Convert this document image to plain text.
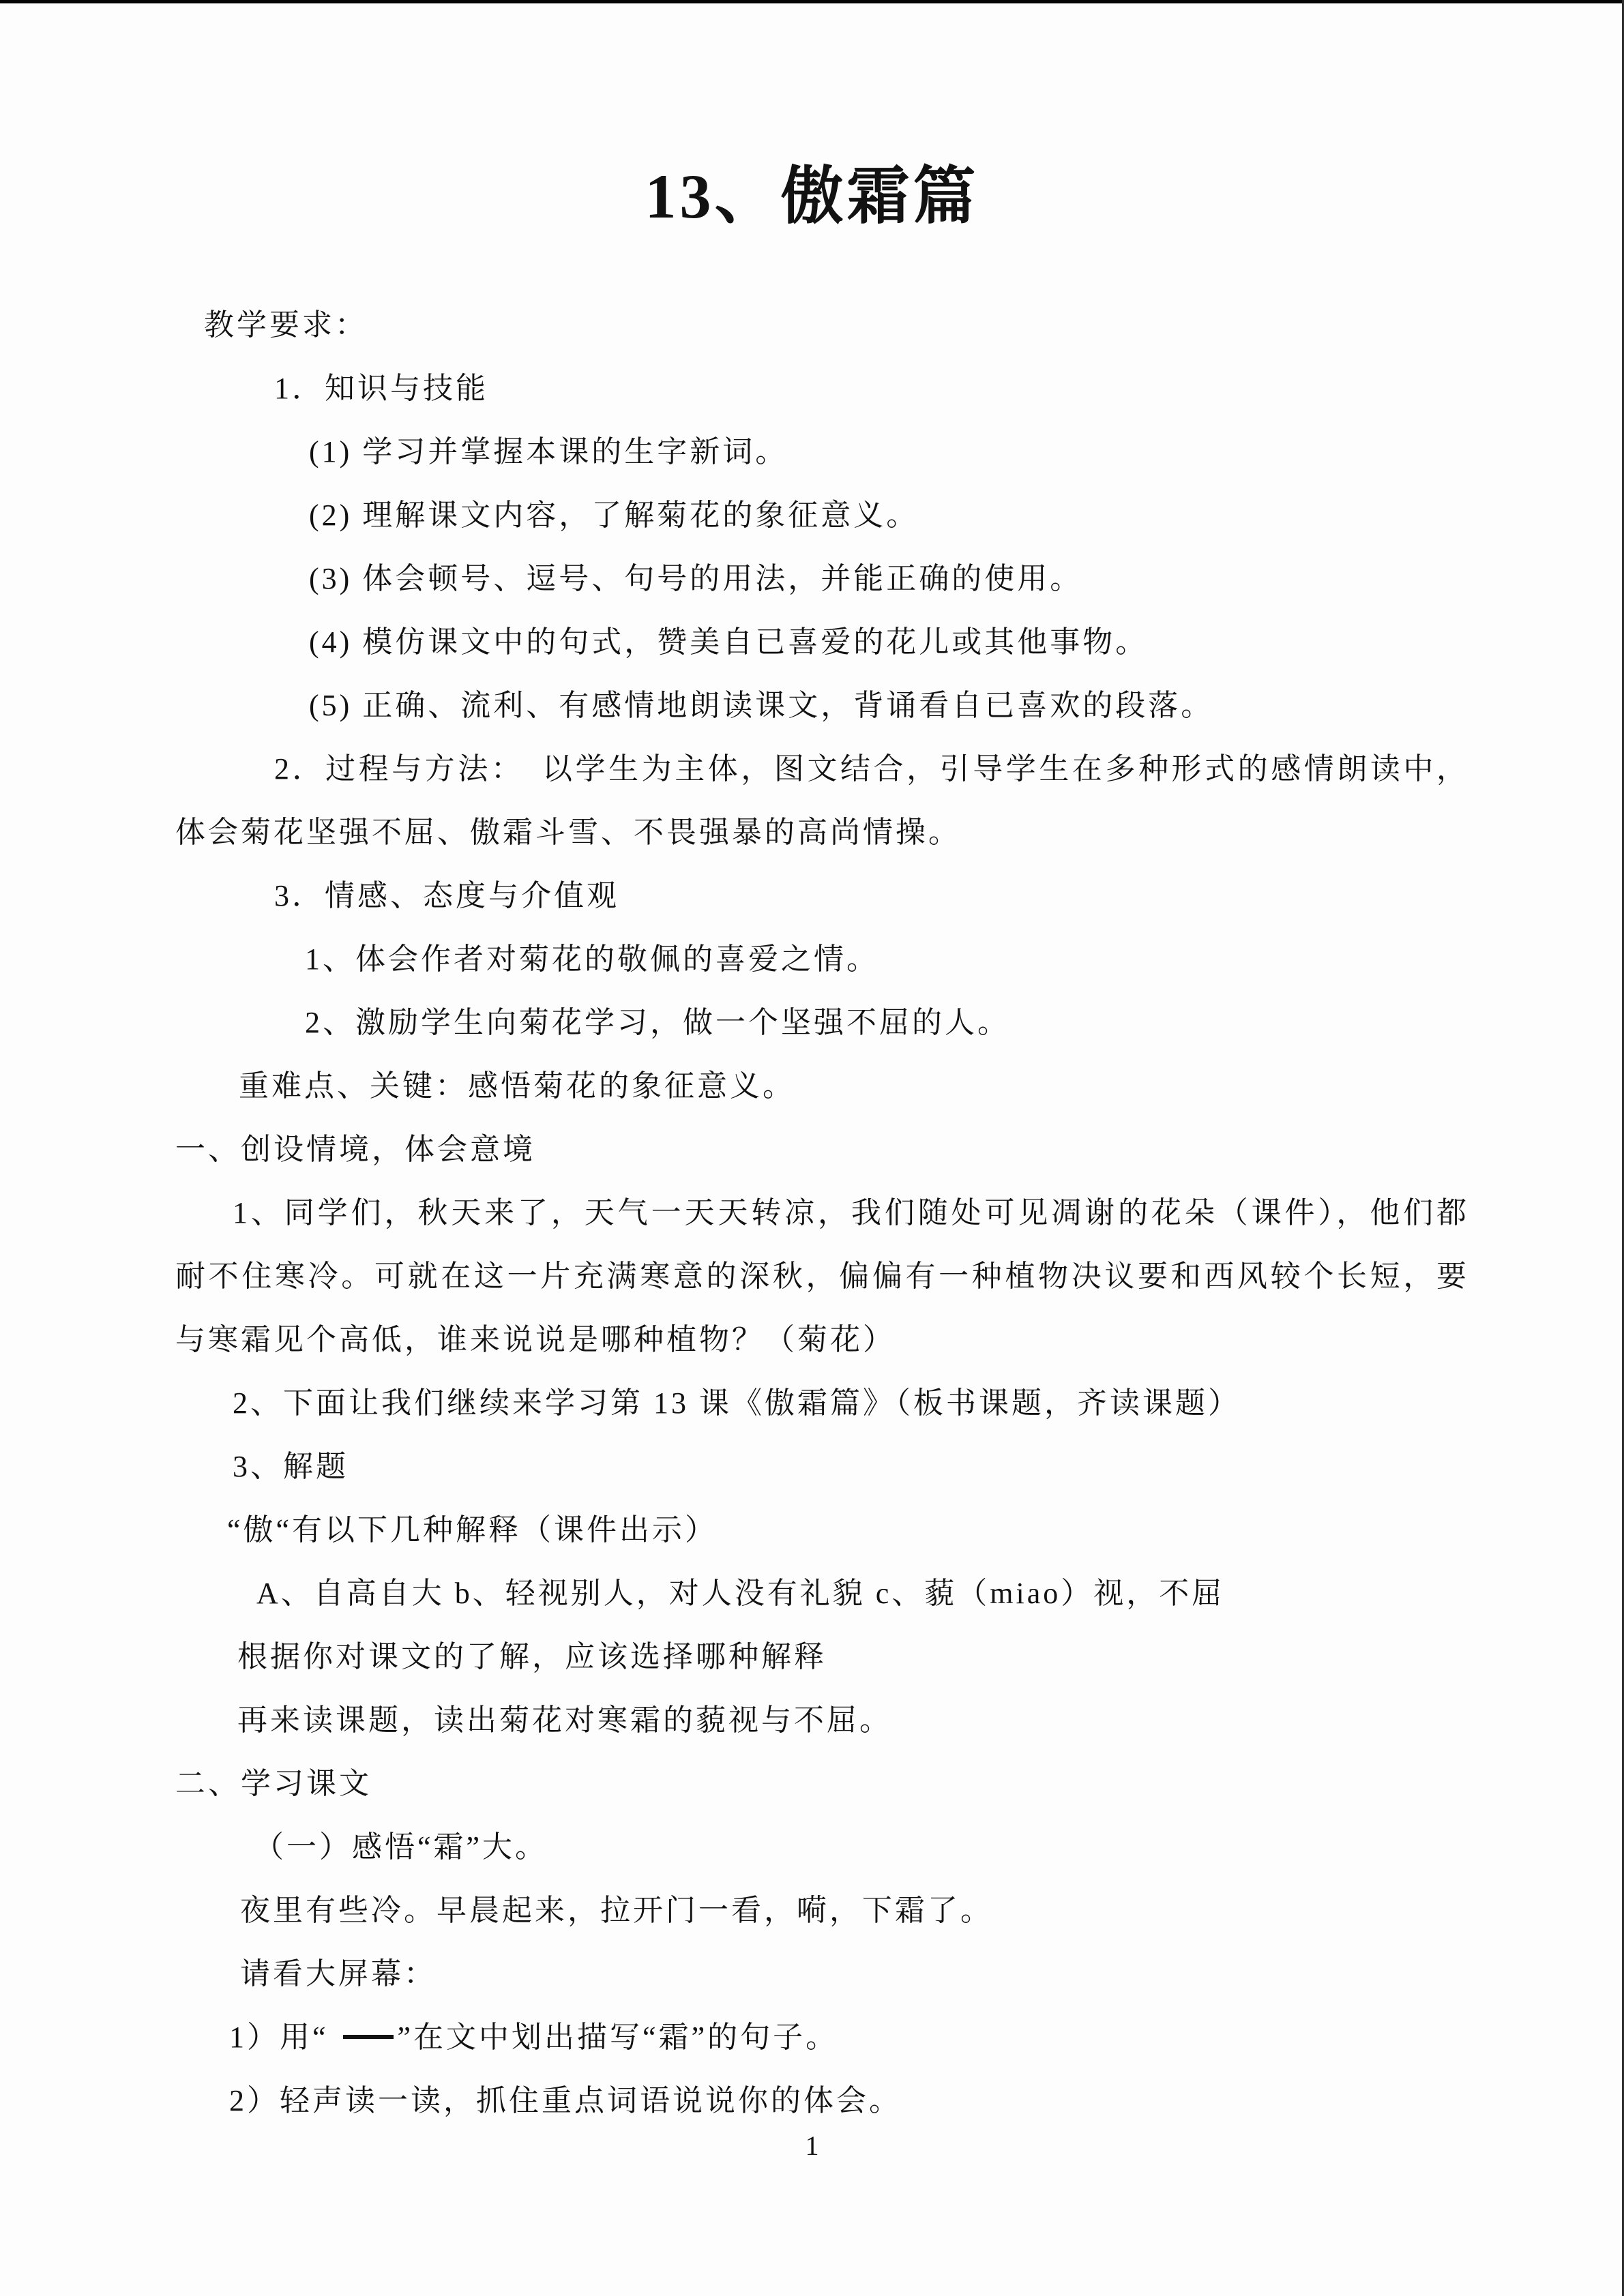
13、傲霜篇
教学要求：
1．知识与技能
(1) 学习并掌握本课的生字新词。
(2) 理解课文内容，了解菊花的象征意义。
(3) 体会顿号、逗号、句号的用法，并能正确的使用。
(4) 模仿课文中的句式，赞美自已喜爱的花儿或其他事物。
(5) 正确、流利、有感情地朗读课文，背诵看自已喜欢的段落。
2．过程与方法：　以学生为主体，图文结合，引导学生在多种形式的感情朗读中，
体会菊花坚强不屈、傲霜斗雪、不畏强暴的高尚情操。
3．情感、态度与介值观
1、体会作者对菊花的敬佩的喜爱之情。
2、激励学生向菊花学习，做一个坚强不屈的人。
重难点、关键：感悟菊花的象征意义。
一、创设情境，体会意境
1、同学们，秋天来了，天气一天天转凉，我们随处可见凋谢的花朵（课件），他们都
耐不住寒冷。可就在这一片充满寒意的深秋，偏偏有一种植物决议要和西风较个长短，要
与寒霜见个高低，谁来说说是哪种植物？（菊花）
2、下面让我们继续来学习第 13 课《傲霜篇》（板书课题，齐读课题）
3、解题
“傲“有以下几种解释（课件出示）
A、自高自大 b、轻视别人，对人没有礼貌 c、藐（miao）视，不屈
根据你对课文的了解，应该选择哪种解释
再来读课题，读出菊花对寒霜的藐视与不屈。
二、学习课文
（一）感悟“霜”大。
夜里有些冷。早晨起来，拉开门一看，嗬，下霜了。
请看大屏幕：
1）用“ ”在文中划出描写“霜”的句子。
2）轻声读一读，抓住重点词语说说你的体会。
1
